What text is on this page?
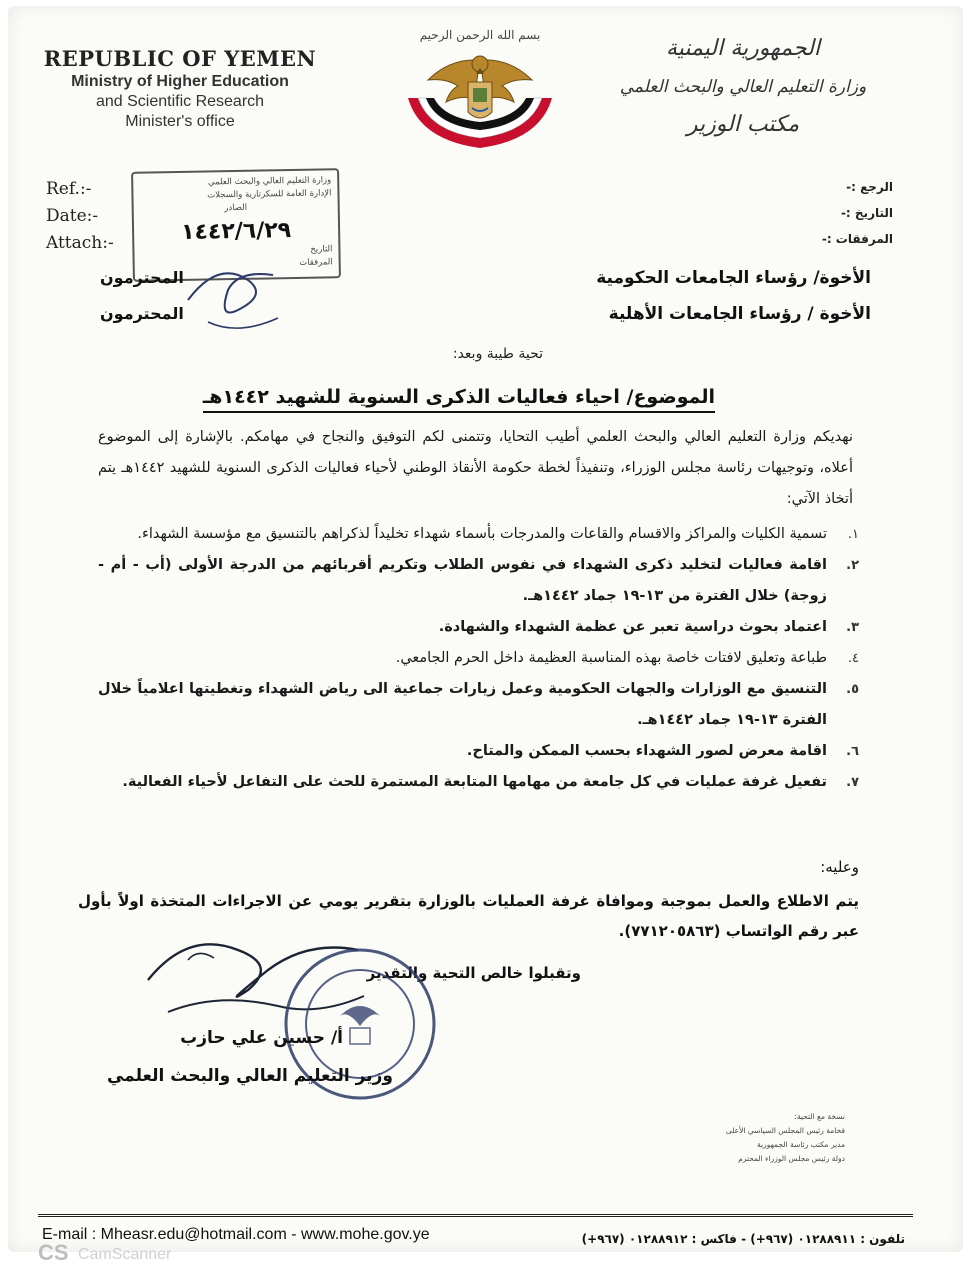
REPUBLIC OF YEMEN
Ministry of Higher Education
and Scientific Research
Minister's office
بسم الله الرحمن الرحيم
الجمهورية اليمنية
وزارة التعليم العالي والبحث العلمي
مكتب الوزير
Ref.:-
Date:-
Attach:-
الرجع :-
التاريخ :-
المرفقات :-
وزارة التعليم العالي والبحث العلمي
الإدارة العامة للسكرتارية والسجلات
الصادر
١٤٤٢/٦/٢٩
التاريخ
المرفقات
الأخوة/ رؤساء الجامعات الحكومية
المحترمون
الأخوة / رؤساء الجامعات الأهلية
المحترمون
تحية طيبة وبعد:
الموضوع/ احياء فعاليات الذكرى السنوية للشهيد ١٤٤٢هـ

نهديكم وزارة التعليم العالي والبحث العلمي أطيب التحايا، وتتمنى لكم التوفيق والنجاح في مهامكم. بالإشارة إلى الموضوع أعلاه، وتوجيهات رئاسة مجلس الوزراء، وتنفيذاً لخطة حكومة الأنقاذ الوطني لأحياء فعاليات الذكرى السنوية للشهيد ١٤٤٢هـ يتم أتخاذ الآتي:

١.
تسمية الكليات والمراكز والاقسام والقاعات والمدرجات بأسماء شهداء تخليداً لذكراهم بالتنسيق مع مؤسسة الشهداء.
٢.
اقامة فعاليات لتخليد ذكرى الشهداء في نفوس الطلاب وتكريم أقربائهم من الدرجة الأولى (أب - أم - زوجة) خلال الفترة من ١٣-١٩ جماد ١٤٤٢هـ.
٣.
اعتماد بحوث دراسية تعبر عن عظمة الشهداء والشهادة.
٤.
طباعة وتعليق لافتات خاصة بهذه المناسبة العظيمة داخل الحرم الجامعي.
٥.
التنسيق مع الوزارات والجهات الحكومية وعمل زيارات جماعية الى رياض الشهداء وتغطيتها اعلامياً خلال الفترة ١٣-١٩ جماد ١٤٤٢هـ.
٦.
اقامة معرض لصور الشهداء بحسب الممكن والمتاح.
٧.
تفعيل غرفة عمليات في كل جامعة من مهامها المتابعة المستمرة للحث على التفاعل لأحياء الفعالية.
وعليه:
يتم الاطلاع والعمل بموجبة وموافاة غرفة العمليات بالوزارة بتقرير يومي عن الاجراءات المتخذة اولاً بأول عبر رقم الواتساب (٧٧١٢٠٥٨٦٣).
وتقبلوا خالص التحية والتقدير
أ/ حسين علي حازب
وزير التعليم العالي والبحث العلمي
نسخة مع التحية:
فخامة رئيس المجلس السياسي الأعلى
مدير مكتب رئاسة الجمهورية
دولة رئيس مجلس الوزراء المحترم
E-mail : Mheasr.edu@hotmail.com - www.mohe.gov.ye	تلفون : ٠١٢٨٨٩١١ (٩٦٧+) - فاكس : ٠١٢٨٨٩١٢ (٩٦٧+)
CS CamScanner
